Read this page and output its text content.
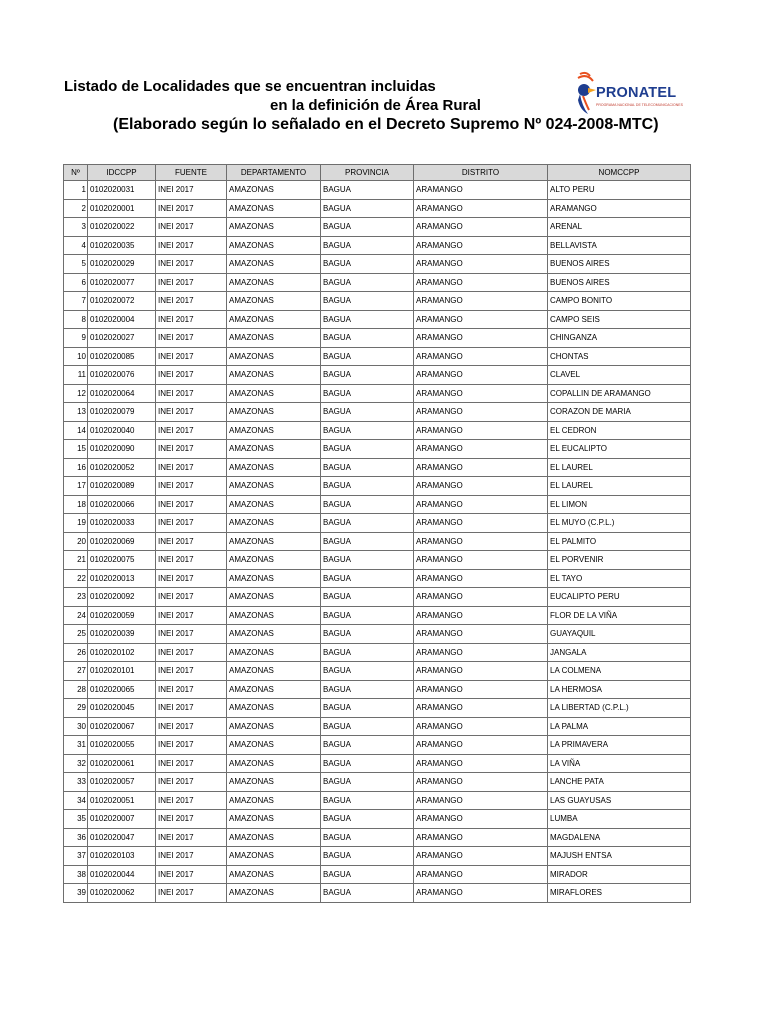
Listado de Localidades que se encuentran incluidas
en la definición de Área Rural
(Elaborado según lo señalado en el Decreto Supremo Nº 024-2008-MTC)
PRONATEL
PROGRAMA NACIONAL DE TELECOMUNICACIONES
Nº	IDCCPP	FUENTE	DEPARTAMENTO	PROVINCIA	DISTRITO	NOMCCPP
1	0102020031	INEI 2017	AMAZONAS	BAGUA	ARAMANGO	ALTO PERU
2	0102020001	INEI 2017	AMAZONAS	BAGUA	ARAMANGO	ARAMANGO
3	0102020022	INEI 2017	AMAZONAS	BAGUA	ARAMANGO	ARENAL
4	0102020035	INEI 2017	AMAZONAS	BAGUA	ARAMANGO	BELLAVISTA
5	0102020029	INEI 2017	AMAZONAS	BAGUA	ARAMANGO	BUENOS AIRES
6	0102020077	INEI 2017	AMAZONAS	BAGUA	ARAMANGO	BUENOS AIRES
7	0102020072	INEI 2017	AMAZONAS	BAGUA	ARAMANGO	CAMPO BONITO
8	0102020004	INEI 2017	AMAZONAS	BAGUA	ARAMANGO	CAMPO SEIS
9	0102020027	INEI 2017	AMAZONAS	BAGUA	ARAMANGO	CHINGANZA
10	0102020085	INEI 2017	AMAZONAS	BAGUA	ARAMANGO	CHONTAS
11	0102020076	INEI 2017	AMAZONAS	BAGUA	ARAMANGO	CLAVEL
12	0102020064	INEI 2017	AMAZONAS	BAGUA	ARAMANGO	COPALLIN DE ARAMANGO
13	0102020079	INEI 2017	AMAZONAS	BAGUA	ARAMANGO	CORAZON DE MARIA
14	0102020040	INEI 2017	AMAZONAS	BAGUA	ARAMANGO	EL CEDRON
15	0102020090	INEI 2017	AMAZONAS	BAGUA	ARAMANGO	EL EUCALIPTO
16	0102020052	INEI 2017	AMAZONAS	BAGUA	ARAMANGO	EL LAUREL
17	0102020089	INEI 2017	AMAZONAS	BAGUA	ARAMANGO	EL LAUREL
18	0102020066	INEI 2017	AMAZONAS	BAGUA	ARAMANGO	EL LIMON
19	0102020033	INEI 2017	AMAZONAS	BAGUA	ARAMANGO	EL MUYO (C.P.L.)
20	0102020069	INEI 2017	AMAZONAS	BAGUA	ARAMANGO	EL PALMITO
21	0102020075	INEI 2017	AMAZONAS	BAGUA	ARAMANGO	EL PORVENIR
22	0102020013	INEI 2017	AMAZONAS	BAGUA	ARAMANGO	EL TAYO
23	0102020092	INEI 2017	AMAZONAS	BAGUA	ARAMANGO	EUCALIPTO PERU
24	0102020059	INEI 2017	AMAZONAS	BAGUA	ARAMANGO	FLOR DE LA VIÑA
25	0102020039	INEI 2017	AMAZONAS	BAGUA	ARAMANGO	GUAYAQUIL
26	0102020102	INEI 2017	AMAZONAS	BAGUA	ARAMANGO	JANGALA
27	0102020101	INEI 2017	AMAZONAS	BAGUA	ARAMANGO	LA COLMENA
28	0102020065	INEI 2017	AMAZONAS	BAGUA	ARAMANGO	LA HERMOSA
29	0102020045	INEI 2017	AMAZONAS	BAGUA	ARAMANGO	LA LIBERTAD (C.P.L.)
30	0102020067	INEI 2017	AMAZONAS	BAGUA	ARAMANGO	LA PALMA
31	0102020055	INEI 2017	AMAZONAS	BAGUA	ARAMANGO	LA PRIMAVERA
32	0102020061	INEI 2017	AMAZONAS	BAGUA	ARAMANGO	LA VIÑA
33	0102020057	INEI 2017	AMAZONAS	BAGUA	ARAMANGO	LANCHE PATA
34	0102020051	INEI 2017	AMAZONAS	BAGUA	ARAMANGO	LAS GUAYUSAS
35	0102020007	INEI 2017	AMAZONAS	BAGUA	ARAMANGO	LUMBA
36	0102020047	INEI 2017	AMAZONAS	BAGUA	ARAMANGO	MAGDALENA
37	0102020103	INEI 2017	AMAZONAS	BAGUA	ARAMANGO	MAJUSH ENTSA
38	0102020044	INEI 2017	AMAZONAS	BAGUA	ARAMANGO	MIRADOR
39	0102020062	INEI 2017	AMAZONAS	BAGUA	ARAMANGO	MIRAFLORES
